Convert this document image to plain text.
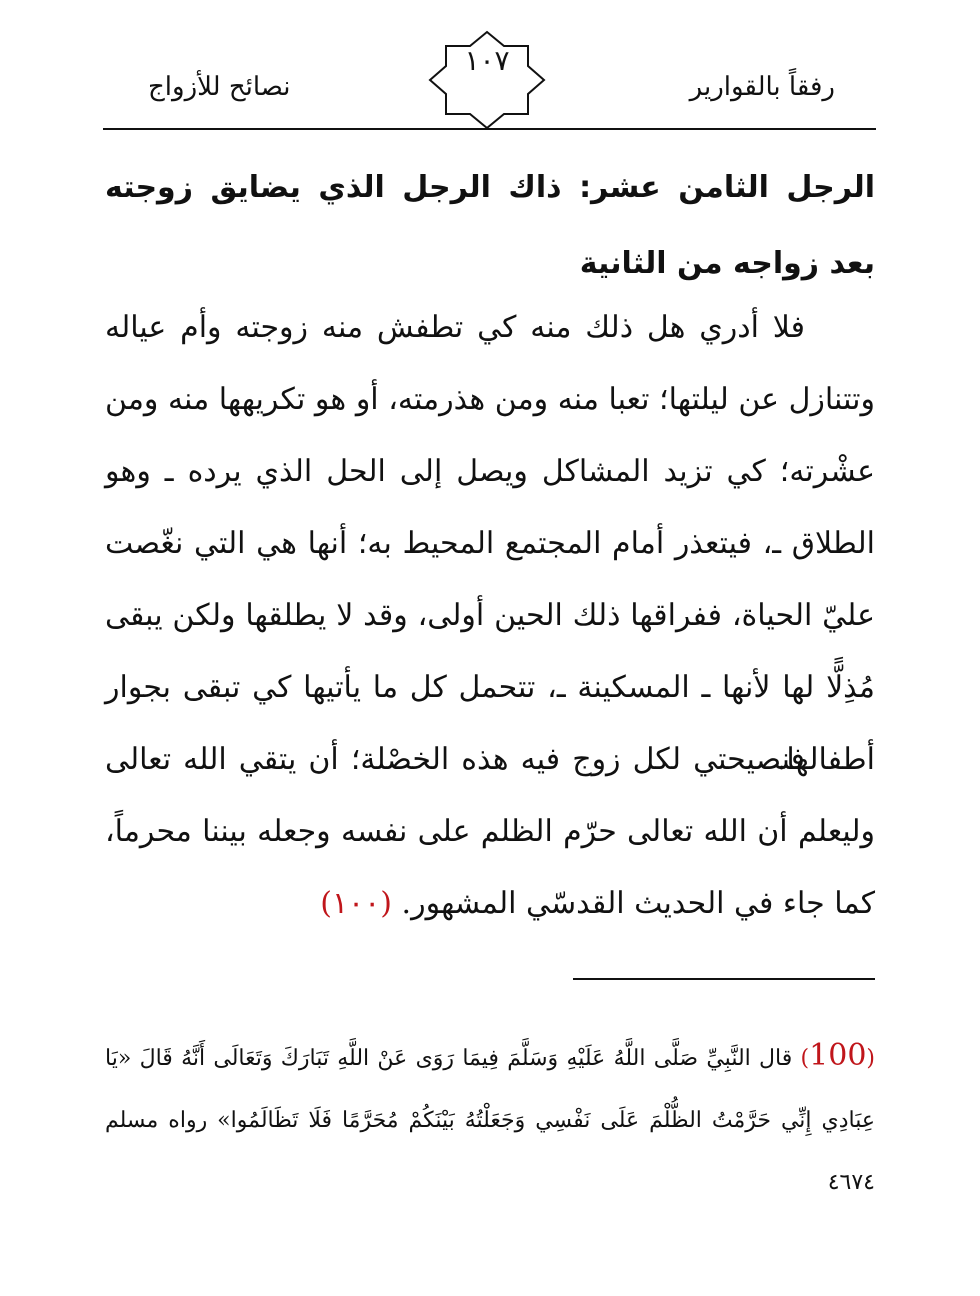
رفقاً بالقوارير
١٠٧
نصائح للأزواج
الرجل الثامن عشر: ذاك الرجل الذي يضايق زوجته بعد زواجه من الثانية
فلا أدري هل ذلك منه كي تطفش منه زوجته وأم عياله وتتنازل عن ليلتها؛ تعبا منه ومن هذرمته، أو هو تكريهها منه ومن عشْرته؛ كي تزيد المشاكل ويصل إلى الحل الذي يرده ـ وهو الطلاق ـ، فيتعذر أمام المجتمع المحيط به؛ أنها هي التي نغّصت عليّ الحياة، ففراقها ذلك الحين أولى، وقد لا يطلقها ولكن يبقى مُذِلًّا لها لأنها ـ المسكينة ـ، تتحمل كل ما يأتيها كي تبقى بجوار أطفالها.
فنصيحتي لكل زوج فيه هذه الخصْلة؛ أن يتقي الله تعالى وليعلم أن الله تعالى حرّم الظلم على نفسه وجعله بيننا محرماً، كما جاء في الحديث القدسّي المشهور. (١٠٠)
(100) قال النَّبِيِّ صَلَّى اللَّهُ عَلَيْهِ وَسَلَّمَ فِيمَا رَوَى عَنْ اللَّهِ تَبَارَكَ وَتَعَالَى أَنَّهُ قَالَ «يَا عِبَادِي إِنِّي حَرَّمْتُ الظُّلْمَ عَلَى نَفْسِي وَجَعَلْتُهُ بَيْنَكُمْ مُحَرَّمًا فَلَا تَظَالَمُوا» رواه مسلم ٤٦٧٤
